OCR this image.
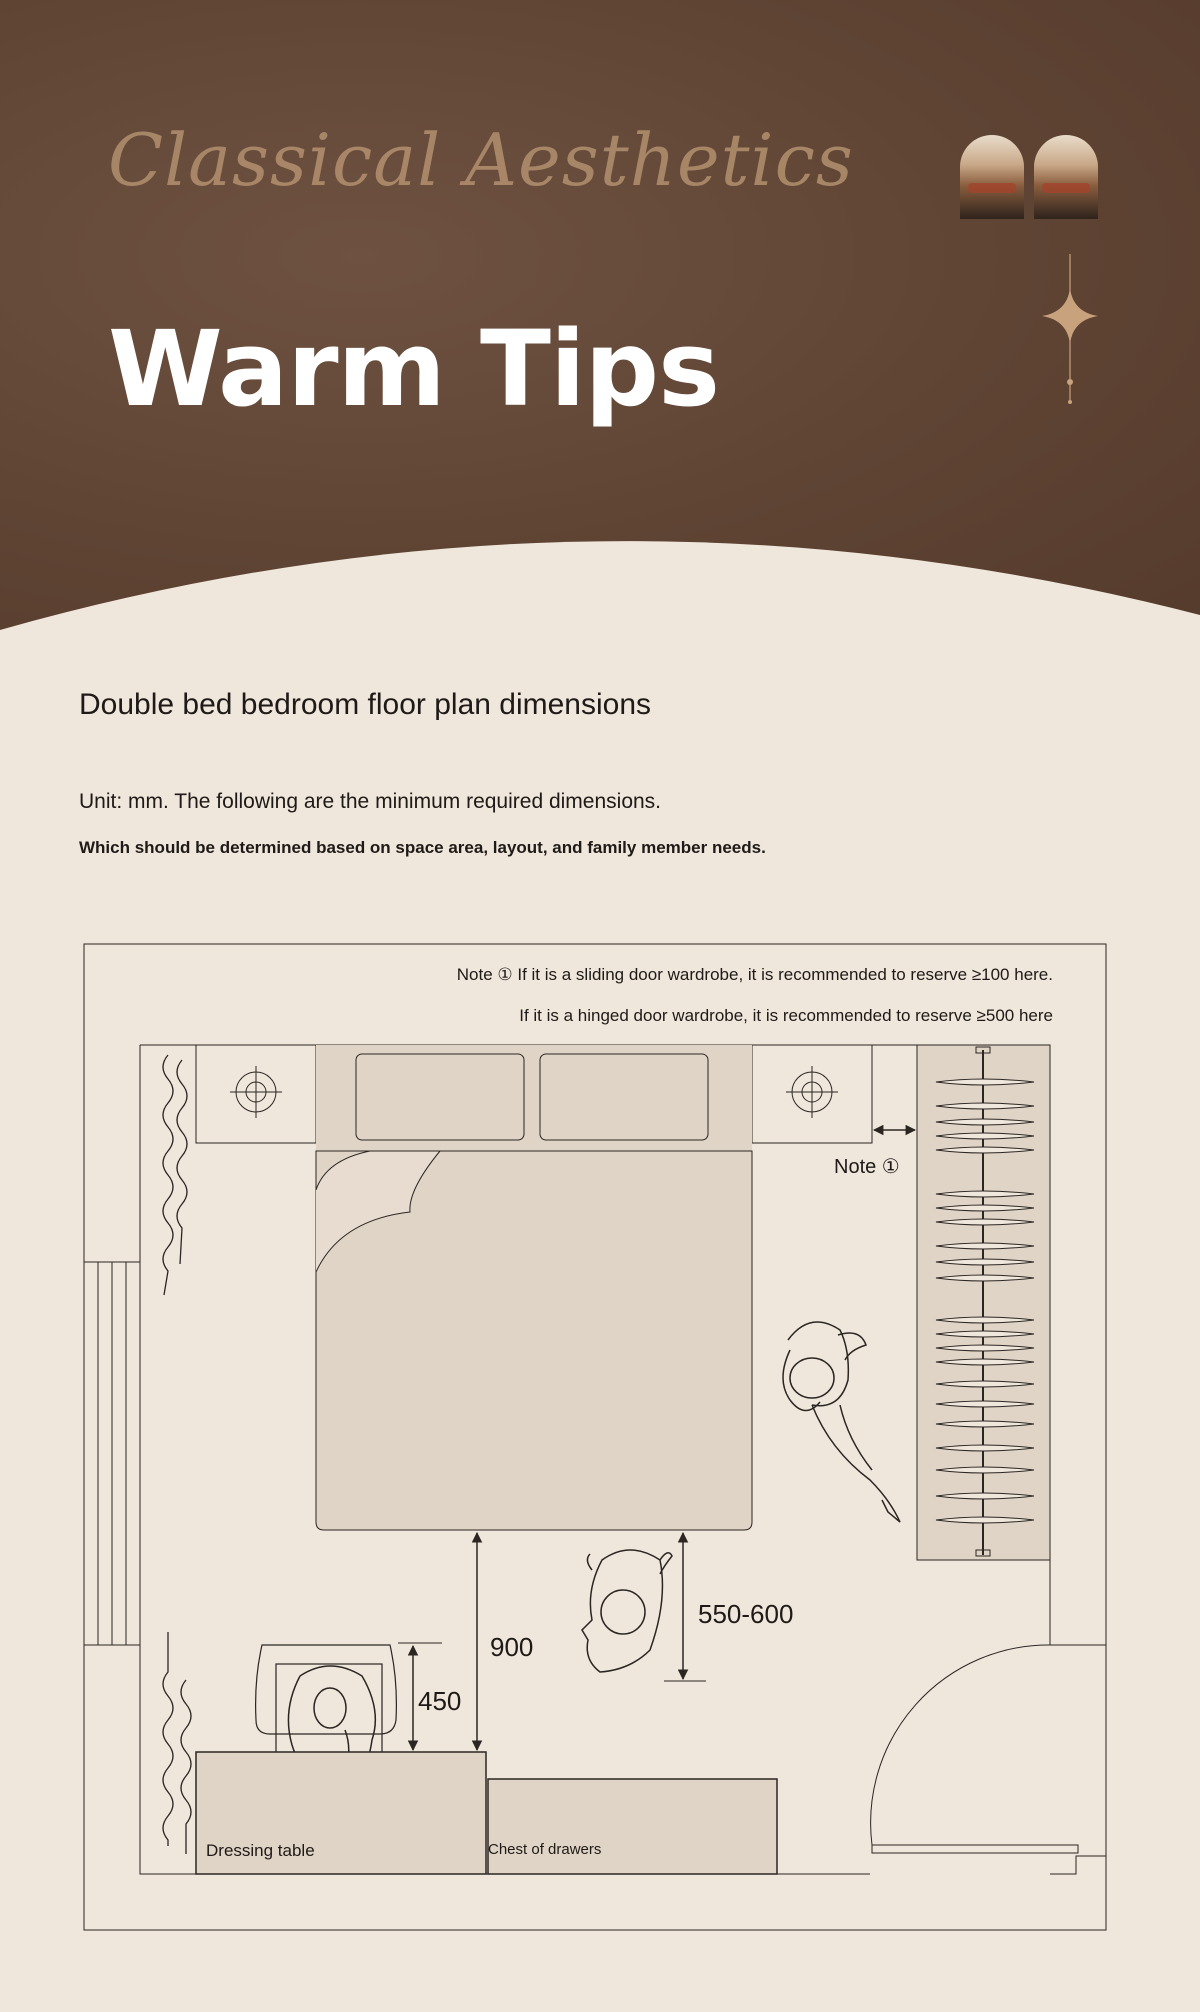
Classical Aesthetics
Warm Tips
Double bed bedroom floor plan dimensions
Unit: mm. The following are the minimum required dimensions.
Which should be determined based on space area, layout, and family member needs.
Dressing table	Chest of drawers
Note ①
Note ① If it is a sliding door wardrobe, it is recommended to reserve ≥100 here.
If it is a hinged door wardrobe, it is recommended to reserve ≥500 here
900
450
550-600
